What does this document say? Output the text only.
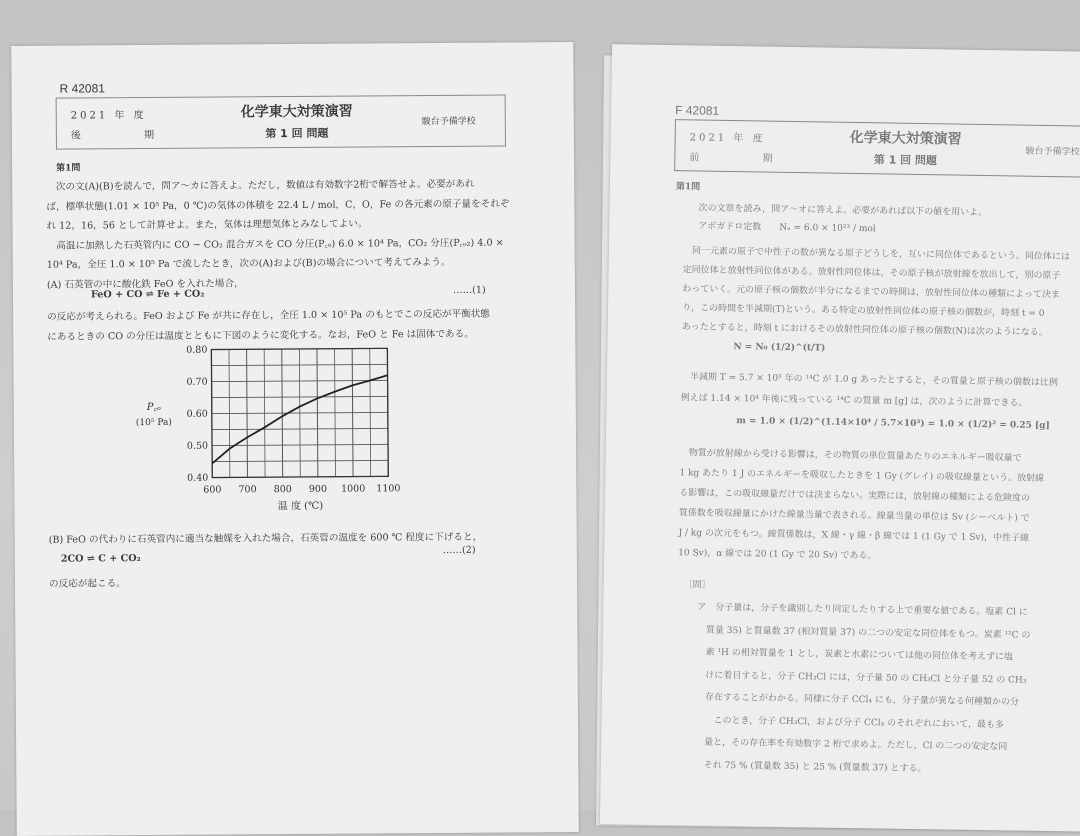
R 42081
2021 年 度
後 期
化学東大対策演習
第 1 回 問題
駿台予備学校
第1問
　次の文(A)(B)を読んで，問ア～カに答えよ。ただし，数値は有効数字2桁で解答せよ。必要があれ
ば，標準状態(1.01 × 10⁵ Pa，0 ℃)の気体の体積を 22.4 L / mol，C，O，Fe の各元素の原子量をそれぞ
れ 12，16，56 として計算せよ。また，気体は理想気体とみなしてよい。
　高温に加熱した石英管内に CO − CO₂ 混合ガスを CO 分圧(P꜀ₒ) 6.0 × 10⁴ Pa，CO₂ 分圧(P꜀ₒ₂) 4.0 ×
10⁴ Pa，全圧 1.0 × 10⁵ Pa で流したとき，次の(A)および(B)の場合について考えてみよう。
(A) 石英管の中に酸化鉄 FeO を入れた場合，
FeO + CO ⇌ Fe + CO₂	……(1)
の反応が考えられる。FeO および Fe が共に存在し，全圧 1.0 × 10⁵ Pa のもとでこの反応が平衡状態
にあるときの CO の分圧は温度とともに下図のように変化する。なお，FeO と Fe は固体である。
600 700 800 900 1000 1100
0.40
0.50
0.60
0.70
0.80
温 度 (℃)
P꜀ₒ
(10⁵ Pa)
(B) FeO の代わりに石英管内に適当な触媒を入れた場合，石英管の温度を 600 ℃ 程度に下げると，
2CO ⇌ C + CO₂
……(2)
の反応が起こる。
F 42081
2021 年 度
前 期
化学東大対策演習
第 1 回 問題
駿台予備学校
第1問
　次の文章を読み，問ア～オに答えよ。必要があれば以下の値を用いよ。
　アボガドロ定数　　Nₐ = 6.0 × 10²³ / mol
　同一元素の原子で中性子の数が異なる原子どうしを，互いに同位体であるという。同位体には
定同位体と放射性同位体がある。放射性同位体は，その原子核が放射線を放出して，別の原子
わっていく。元の原子核の個数が半分になるまでの時間は，放射性同位体の種類によって決ま
り，この時間を半減期(T)という。ある特定の放射性同位体の原子核の個数が，時刻 t = 0
あったとすると，時刻 t におけるその放射性同位体の原子核の個数(N)は次のようになる。
N = N₀ (1/2)^(t/T)
　半減期 T = 5.7 × 10³ 年の ¹⁴C が 1.0 g あったとすると，その質量と原子核の個数は比例
例えば 1.14 × 10⁴ 年後に残っている ¹⁴C の質量 m [g] は，次のように計算できる。
m = 1.0 × (1/2)^(1.14×10⁴ / 5.7×10³) = 1.0 × (1/2)² = 0.25 [g]
　物質が放射線から受ける影響は，その物質の単位質量あたりのエネルギー吸収量で
1 kg あたり 1 J のエネルギーを吸収したときを 1 Gy (グレイ) の吸収線量という。放射線
る影響は，この吸収線量だけでは決まらない。実際には，放射線の種類による危険度の
質係数を吸収線量にかけた線量当量で表される。線量当量の単位は Sv (シーベルト) で
J / kg の次元をもつ。線質係数は，X 線・γ 線・β 線では 1 (1 Gy で 1 Sv)，中性子線
10 Sv)，α 線では 20 (1 Gy で 20 Sv) である。
〔問〕
ア　分子量は，分子を識別したり同定したりする上で重要な値である。塩素 Cl に
　質量 35) と質量数 37 (相対質量 37) の二つの安定な同位体をもつ。炭素 ¹²C の
　素 ¹H の相対質量を 1 とし，炭素と水素については他の同位体を考えずに塩
　けに着目すると，分子 CH₃Cl には，分子量 50 の CH₃Cl と分子量 52 の CH₃
　存在することがわかる。同様に分子 CCl₄ にも，分子量が異なる何種類かの分
　　このとき，分子 CH₃Cl，および分子 CCl₄ のそれぞれにおいて，最も多
　量と，その存在率を有効数字 2 桁で求めよ。ただし，Cl の二つの安定な同
　それ 75 % (質量数 35) と 25 % (質量数 37) とする。
